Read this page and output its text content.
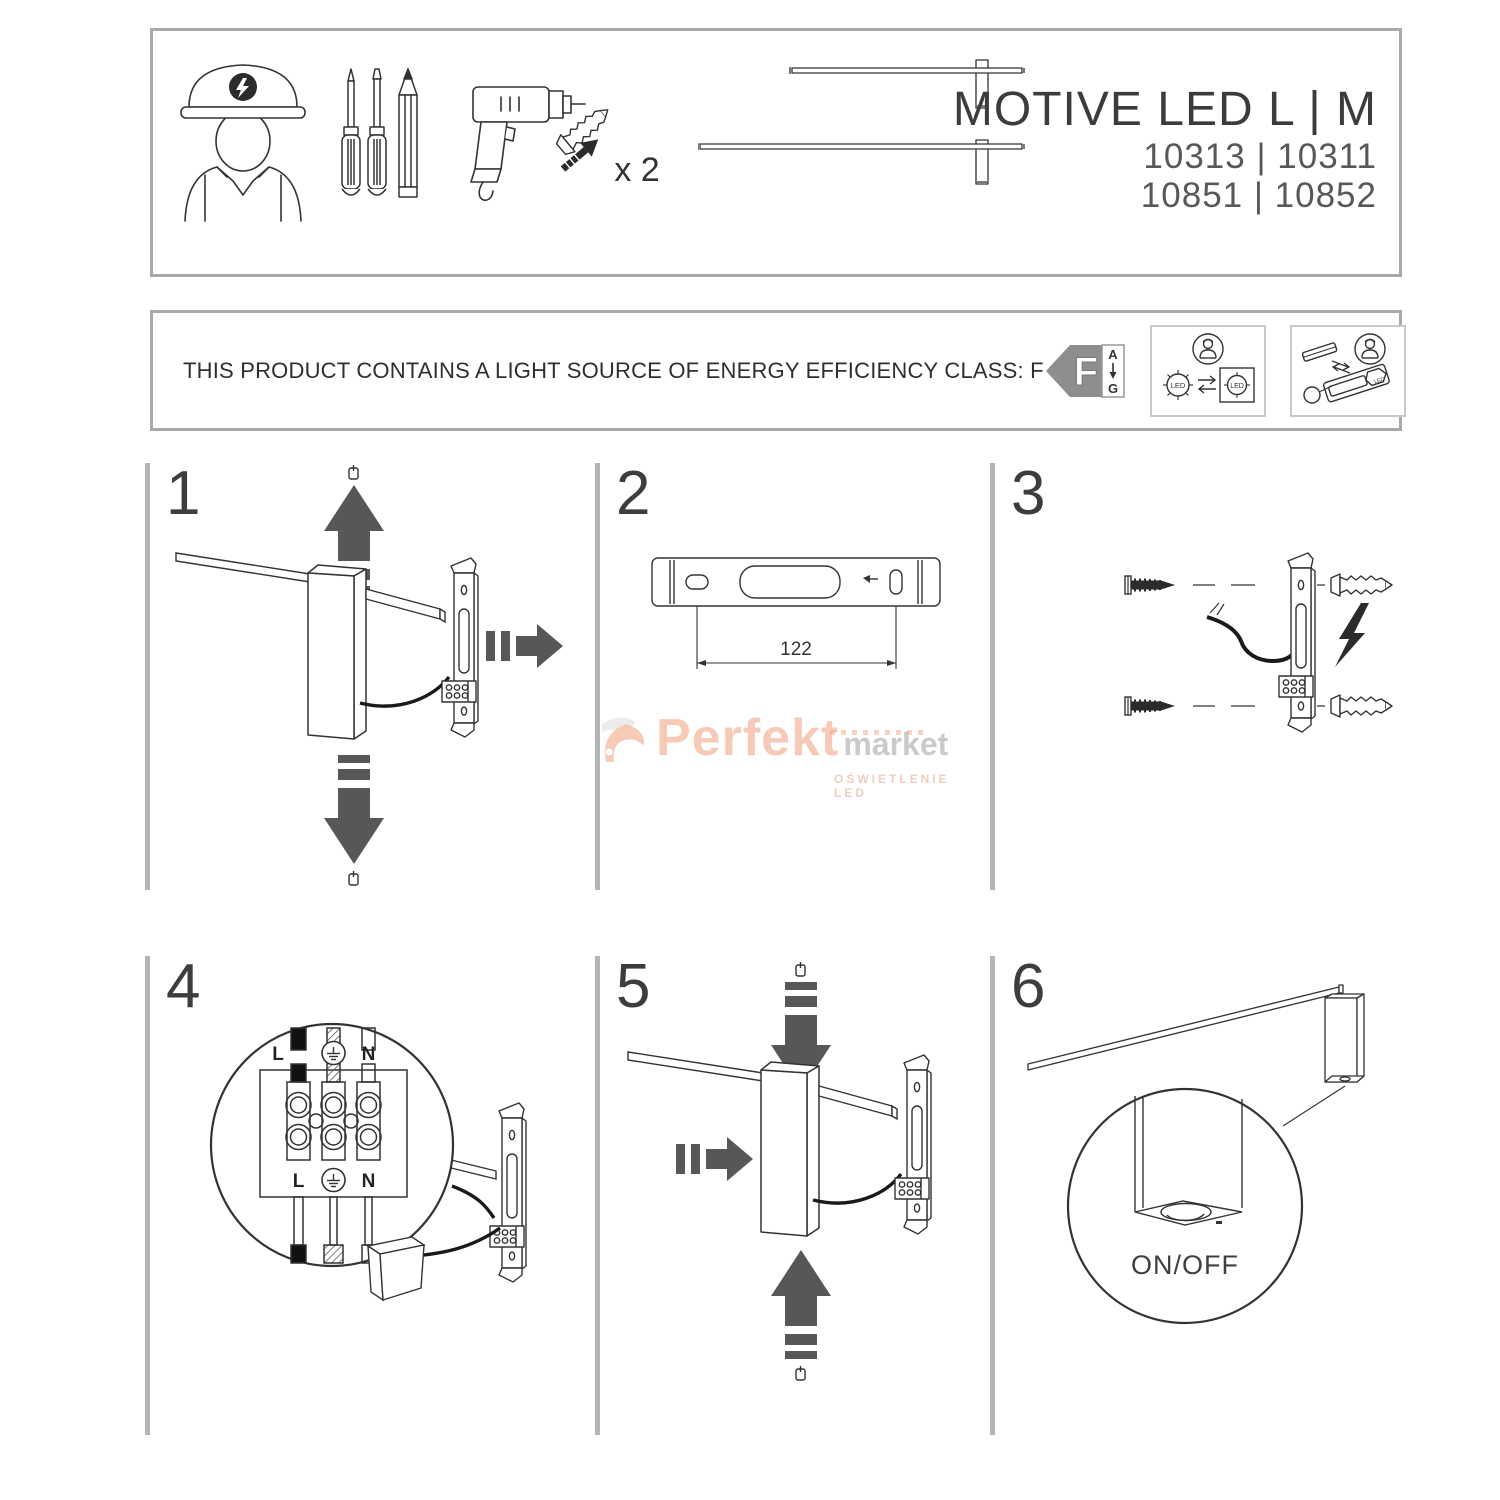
x 2
MOTIVE LED L | M
10313 | 10311
10851 | 10852
THIS PRODUCT CONTAINS A LIGHT SOURCE OF ENERGY EFFICIENCY CLASS: F F A
G	LED	LED
LED
1	2
122
3
4
L	N
L	N
5	6
ON/OFF
Perfekt market
OŚWIETLENIE LED
